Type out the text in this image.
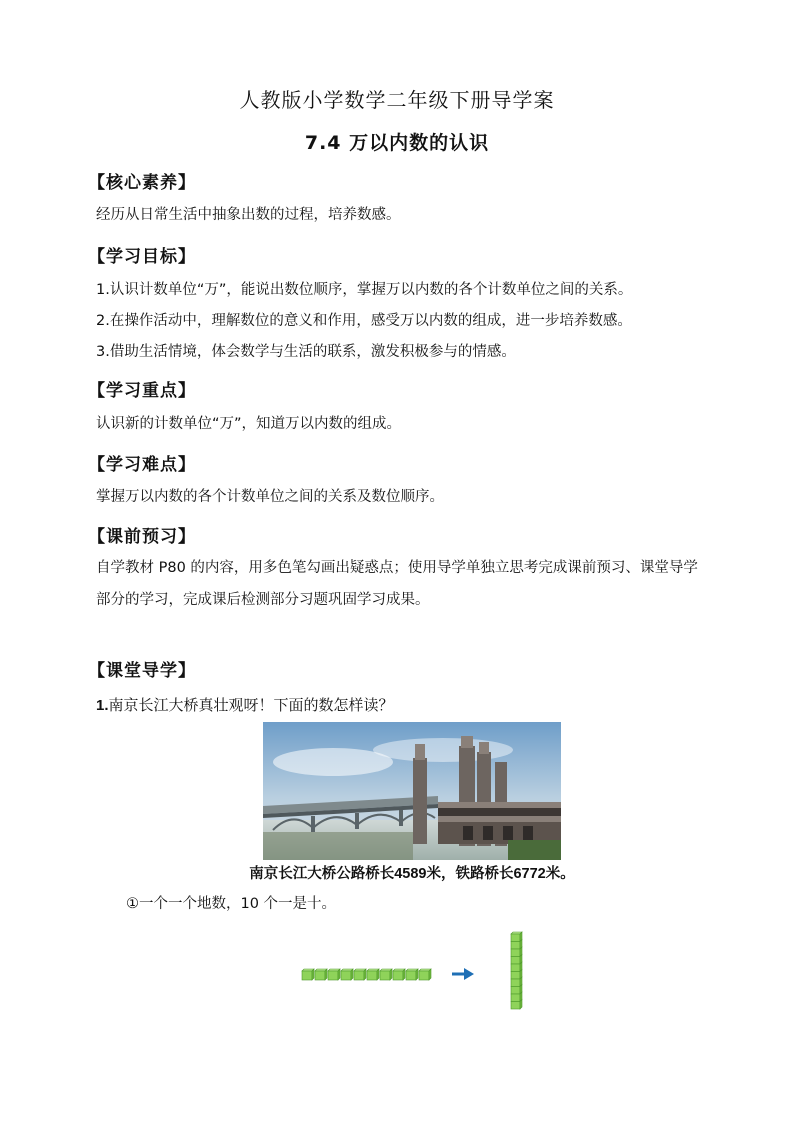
人教版小学数学二年级下册导学案
7.4 万以内数的认识
【核心素养】
经历从日常生活中抽象出数的过程，培养数感。
【学习目标】
1.认识计数单位“万”，能说出数位顺序，掌握万以内数的各个计数单位之间的关系。
2.在操作活动中，理解数位的意义和作用，感受万以内数的组成，进一步培养数感。
3.借助生活情境，体会数学与生活的联系，激发积极参与的情感。
【学习重点】
认识新的计数单位“万”，知道万以内数的组成。
【学习难点】
掌握万以内数的各个计数单位之间的关系及数位顺序。
【课前预习】
自学教材 P80 的内容，用多色笔勾画出疑惑点；使用导学单独立思考完成课前预习、课堂导学部分的学习，完成课后检测部分习题巩固学习成果。
【课堂导学】
1.南京长江大桥真壮观呀！下面的数怎样读？
南京长江大桥公路桥长4589米，铁路桥长6772米。
①一个一个地数，10 个一是十。
